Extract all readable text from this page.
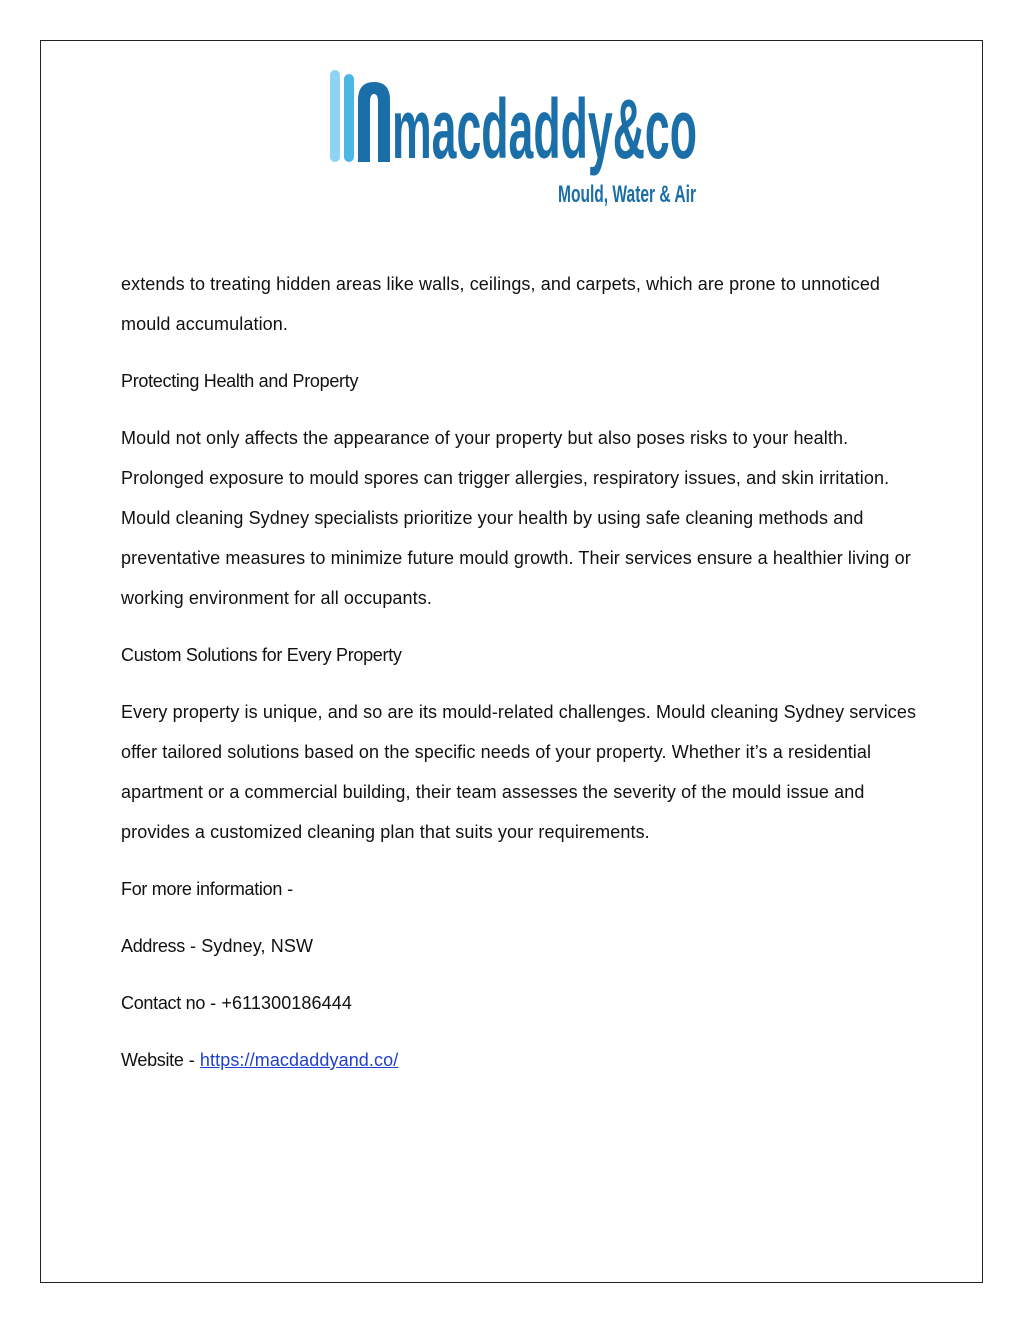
macdaddy&co
Mould, Water & Air

extends to treating hidden areas like walls, ceilings, and carpets, which are prone to unnoticed mould accumulation.

Protecting Health and Property

Mould not only affects the appearance of your property but also poses risks to your health. Prolonged exposure to mould spores can trigger allergies, respiratory issues, and skin irritation. Mould cleaning Sydney specialists prioritize your health by using safe cleaning methods and preventative measures to minimize future mould growth. Their services ensure a healthier living or working environment for all occupants.

Custom Solutions for Every Property

Every property is unique, and so are its mould-related challenges. Mould cleaning Sydney services offer tailored solutions based on the specific needs of your property. Whether it’s a residential apartment or a commercial building, their team assesses the severity of the mould issue and provides a customized cleaning plan that suits your requirements.

For more information -

Address - Sydney, NSW

Contact no - +611300186444

Website - https://macdaddyand.co/
